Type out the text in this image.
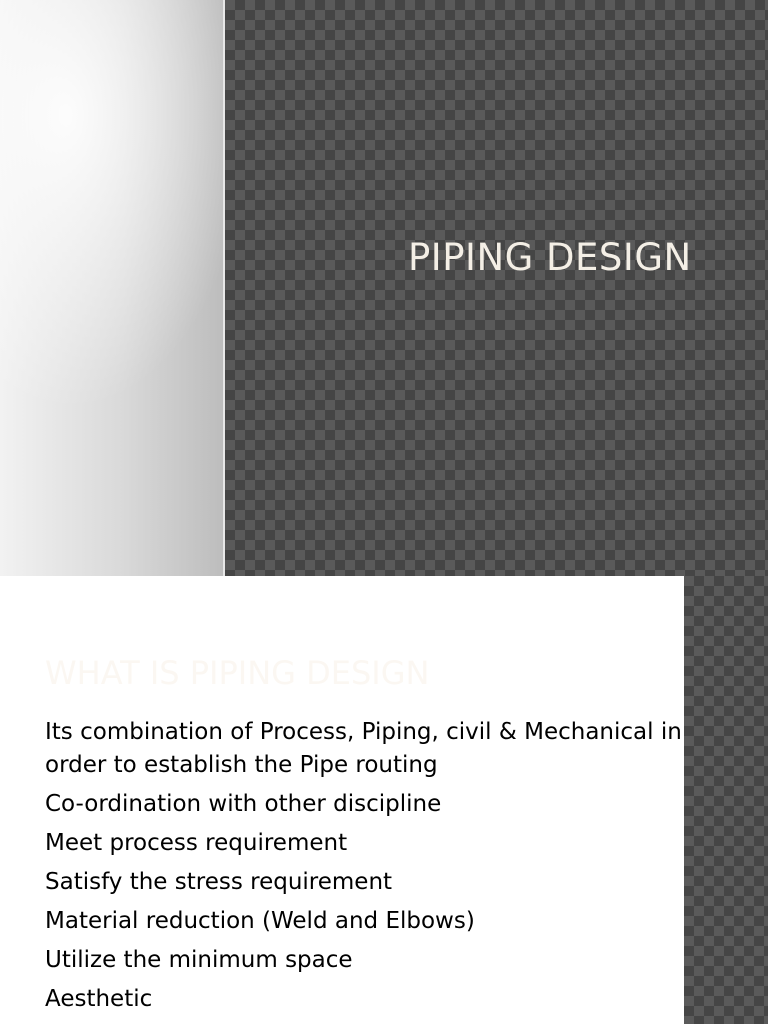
PIPING DESIGN
WHAT IS PIPING DESIGN
Its combination of Process, Piping, civil & Mechanical in order to establish the Pipe routing
Co-ordination with other discipline
Meet process requirement
Satisfy the stress requirement
Material reduction (Weld and Elbows)
Utilize the minimum space
Aesthetic
